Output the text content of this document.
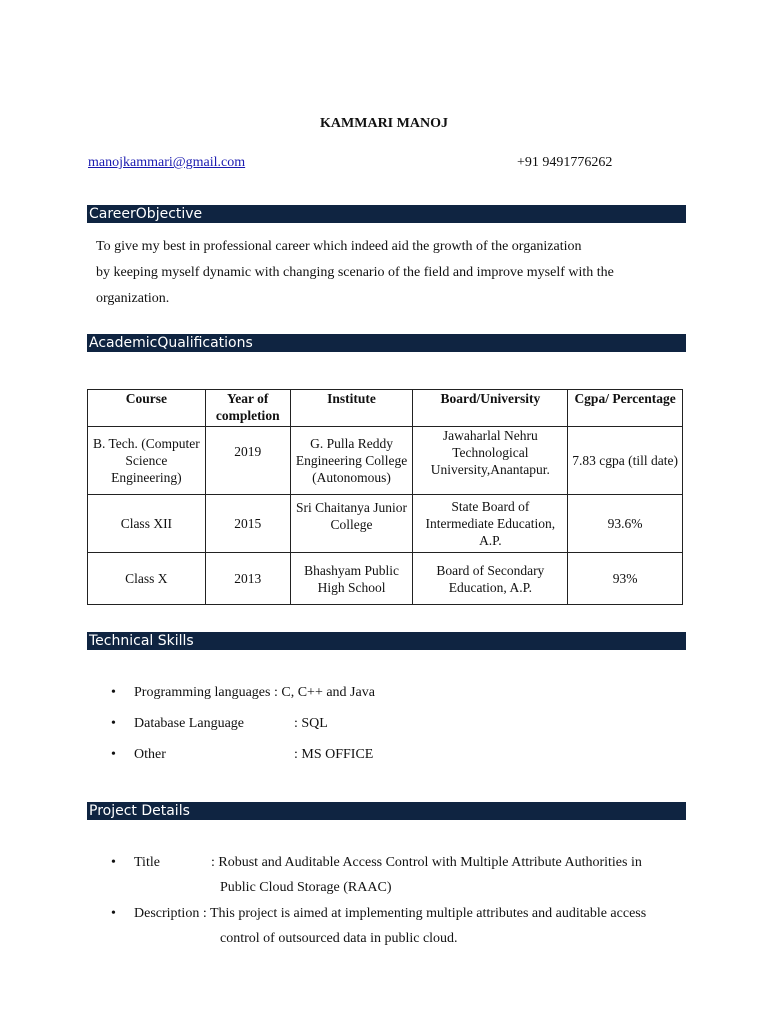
KAMMARI MANOJ
manojkammari@gmail.com	+91 9491776262
CareerObjective
To give my best in professional career which indeed aid the growth of the organization
by keeping myself dynamic with changing scenario of the field and improve myself with the
organization.
AcademicQualifications
Course	Year of completion	Institute	Board/University	Cgpa/ Percentage
B. Tech. (Computer Science Engineering)	2019	G. Pulla Reddy Engineering College (Autonomous)	Jawaharlal Nehru Technological University,Anantapur.	7.83 cgpa (till date)
Class XII	2015	Sri Chaitanya Junior College	State Board of Intermediate Education, A.P.	93.6%
Class X	2013	Bhashyam Public High School	Board of Secondary Education, A.P.	93%
Technical Skills
• Programming languages : C, C++ and Java
• Database Language	: SQL
• Other	: MS OFFICE
Project Details
• Title	: Robust and Auditable Access Control with Multiple Attribute Authorities in
Public Cloud Storage (RAAC)
• Description : This project is aimed at implementing multiple attributes and auditable access
control of outsourced data in public cloud.
